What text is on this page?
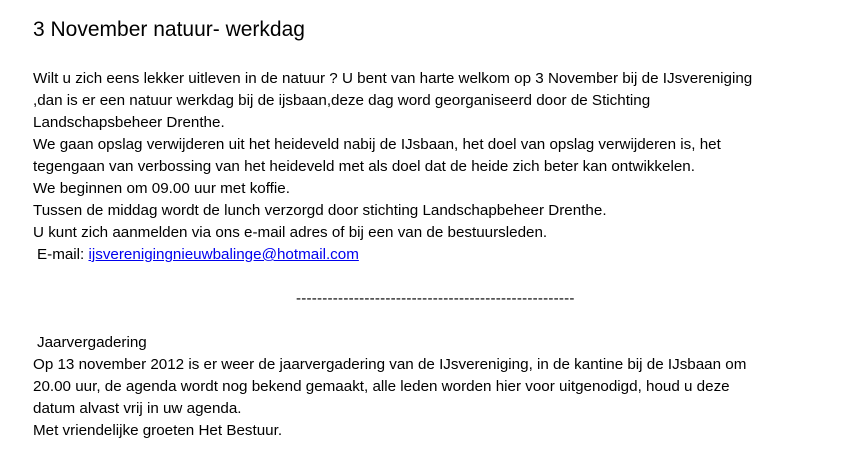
3 November natuur- werkdag
Wilt u zich eens lekker uitleven in de natuur ? U bent van harte welkom op 3 November bij de IJsvereniging
,dan is er een natuur werkdag bij de ijsbaan,deze dag word georganiseerd door de Stichting
Landschapsbeheer Drenthe.
We gaan opslag verwijderen uit het heideveld nabij de IJsbaan, het doel van opslag verwijderen is, het
tegengaan van verbossing van het heideveld met als doel dat de heide zich beter kan ontwikkelen.
We beginnen om 09.00 uur met koffie.
Tussen de middag wordt de lunch verzorgd door stichting Landschapbeheer Drenthe.
U kunt zich aanmelden via ons e-mail adres of bij een van de bestuursleden.
E-mail: ijsverenigingnieuwbalinge@hotmail.com
-----------------------------------------------------
Jaarvergadering
Op 13 november 2012 is er weer de jaarvergadering van de IJsvereniging, in de kantine bij de IJsbaan om
20.00 uur, de agenda wordt nog bekend gemaakt, alle leden worden hier voor uitgenodigd, houd u deze
datum alvast vrij in uw agenda.
Met vriendelijke groeten Het Bestuur.
